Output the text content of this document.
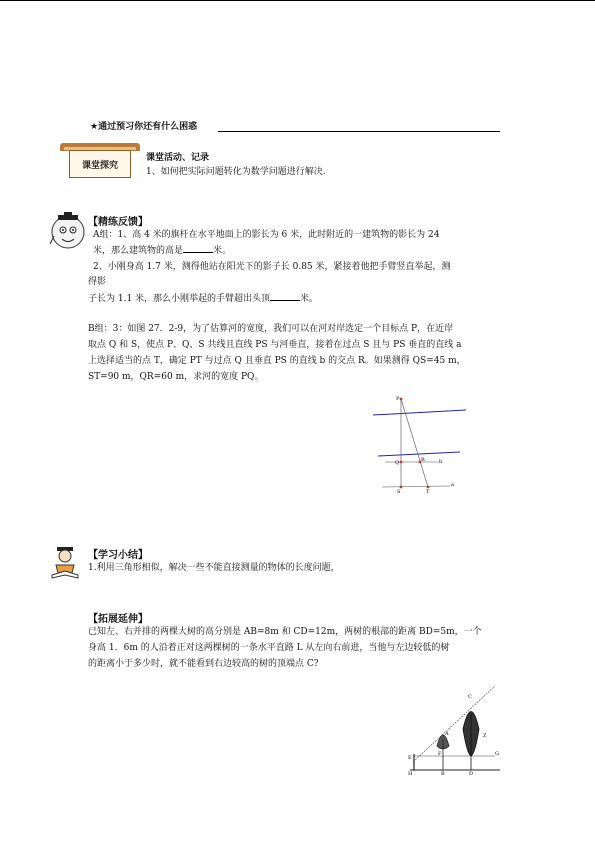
★通过预习你还有什么困惑
课堂探究
课堂活动、记录
1、如何把实际问题转化为数学问题进行解决.
【精练反馈】
A组：1、高 4 米的旗杆在水平地面上的影长为 6 米，此时附近的一建筑物的影长为 24
米，那么建筑物的高是	米。
2、小刚身高 1.7 米，测得他站在阳光下的影子长 0.85 米，紧接着他把手臂竖直举起，测
得影
子长为 1.1 米，那么小刚举起的手臂超出头顶	米。
B组：3：如图 27．2-9，为了估算河的宽度，我们可以在河对岸选定一个目标点 P，在近岸
取点 Q 和 S，使点 P、Q、S 共线且直线 PS 与河垂直，接着在过点 S 且与 PS 垂直的直线 a
上选择适当的点 T，确定 PT 与过点 Q 且垂直 PS 的直线 b 的交点 R。如果测得 QS=45 m，
ST=90 m，QR=60 m，求河的宽度 PQ。
P
Q	R	b
S	T
a
【学习小结】
1.利用三角形相似，解决一些不能直接测量的物体的长度问题，
【拓展延伸】
已知左、右并排的两棵大树的高分别是 AB=8m 和 CD=12m，两树的根部的距离 BD=5m，一个
身高 1．6m 的人沿着正对这两棵树的一条水平直路 L 从左向右前进，当他与左边较低的树
的距离小于多少时，就不能看到右边较高的树的顶端点 C?
C
Z
A
E
F	G
B	D
H
